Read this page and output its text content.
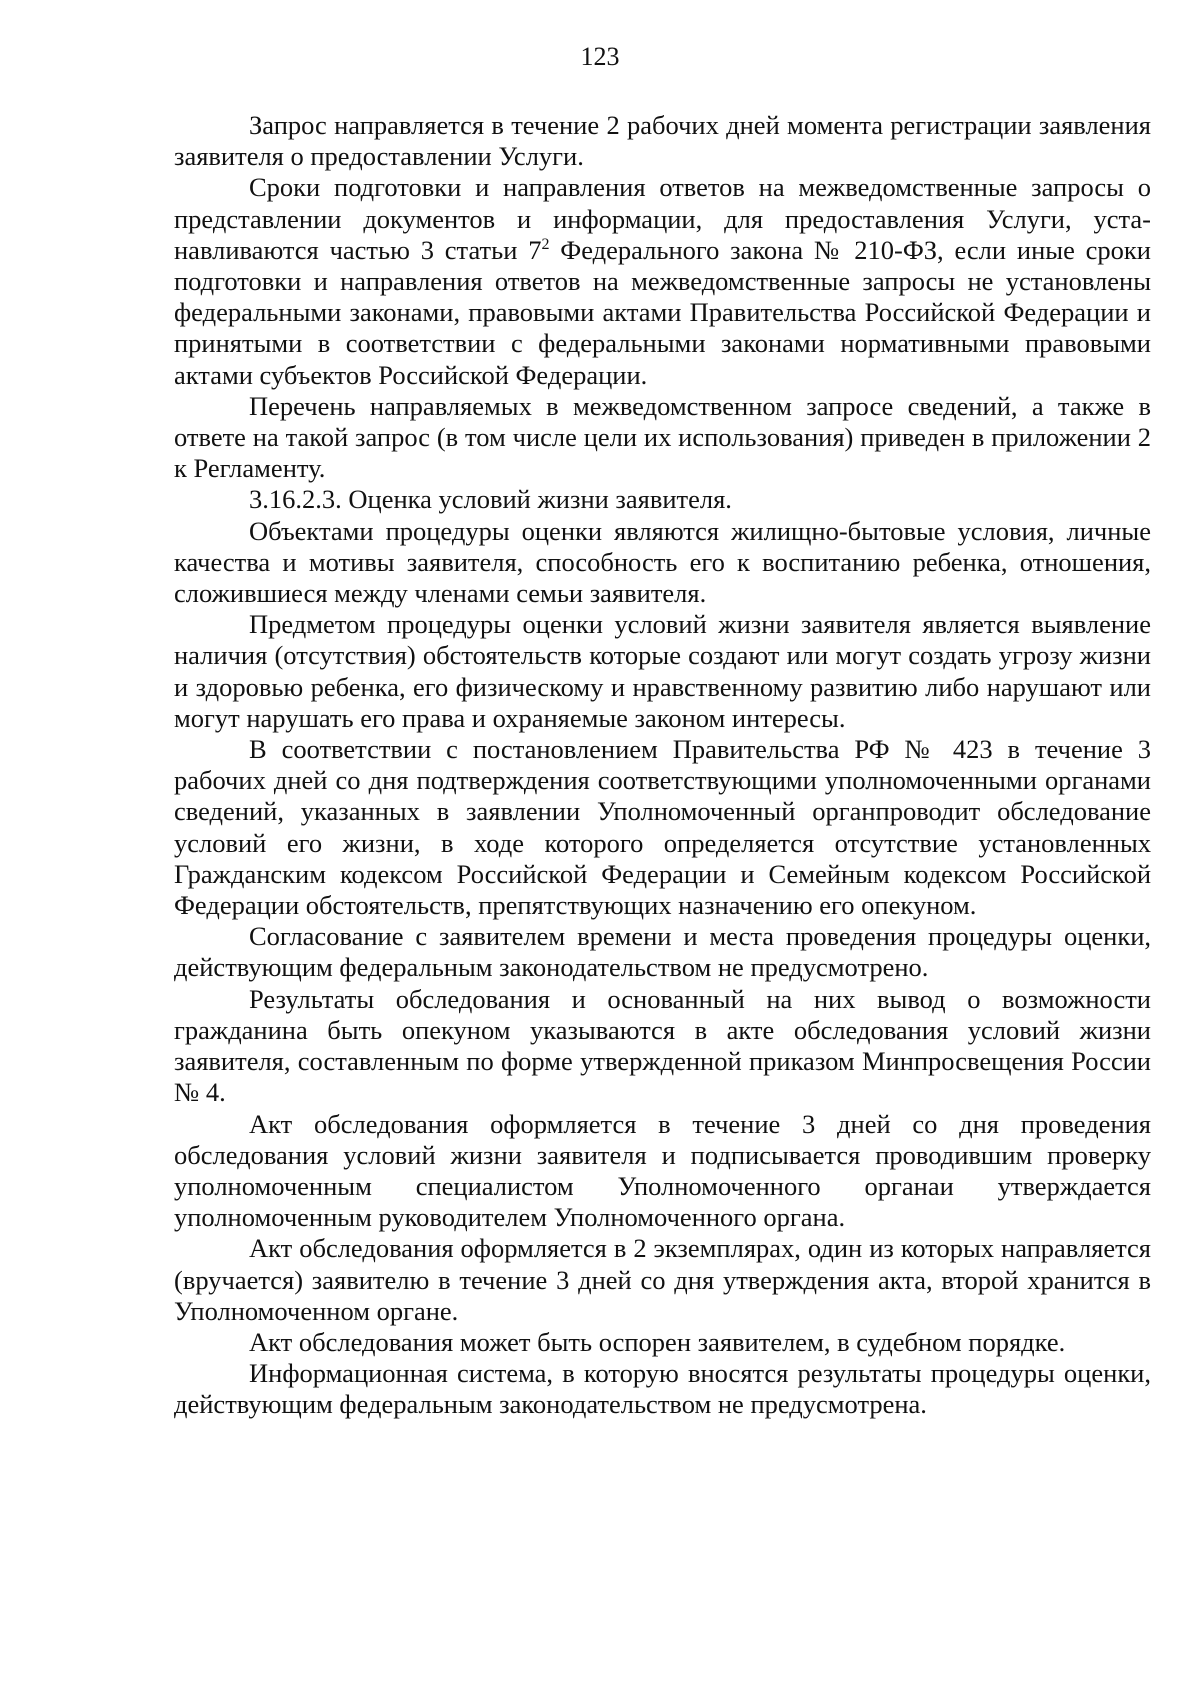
123

Запрос направляется в течение 2 рабочих дней момента регистрации заявления заявителя о предоставлении Услуги.

Сроки подготовки и направления ответов на межведомственные запросы о представлении документов и информации, для предоставления Услуги, устанавливаются частью 3 статьи $7^2$ Федерального закона № 210-ФЗ, если иные сроки подготовки и направления ответов на межведомственные запросы не установлены федеральными законами, правовыми актами Правительства Российской Федерации и принятыми в соответствии с федеральными законами нормативными правовыми актами субъектов Российской Федерации.

Перечень направляемых в межведомственном запросе сведений, а также в ответе на такой запрос (в том числе цели их использования) приведен в приложении 2 к Регламенту.

3.16.2.3. Оценка условий жизни заявителя.

Объектами процедуры оценки являются жилищно-бытовые условия, личные качества и мотивы заявителя, способность его к воспитанию ребенка, отношения, сложившиеся между членами семьи заявителя.

Предметом процедуры оценки условий жизни заявителя является выявление наличия (отсутствия) обстоятельств которые создают или могут создать угрозу жизни и здоровью ребенка, его физическому и нравственному развитию либо нарушают или могут нарушать его права и охраняемые законом интересы.

В соответствии с постановлением Правительства РФ № 423 в течение 3 рабочих дней со дня подтверждения соответствующими уполномоченными органами сведений, указанных в заявлении Уполномоченный органпроводит обследование условий его жизни, в ходе которого определяется отсутствие установленных Гражданским кодексом Российской Федерации и Семейным кодексом Российской Федерации обстоятельств, препятствующих назначению его опекуном.

Согласование с заявителем времени и места проведения процедуры оценки, действующим федеральным законодательством не предусмотрено.

Результаты обследования и основанный на них вывод о возможности гражданина быть опекуном указываются в акте обследования условий жизни заявителя, составленным по форме утвержденной приказом Минпросвещения России № 4.

Акт обследования оформляется в течение 3 дней со дня проведения обследования условий жизни заявителя и подписывается проводившим проверку уполномоченным специалистом Уполномоченного органаи утверждается уполномоченным руководителем Уполномоченного органа.

Акт обследования оформляется в 2 экземплярах, один из которых направляется (вручается) заявителю в течение 3 дней со дня утверждения акта, второй хранится в Уполномоченном органе.

Акт обследования может быть оспорен заявителем, в судебном порядке.

Информационная система, в которую вносятся результаты процедуры оценки, действующим федеральным законодательством не предусмотрена.
